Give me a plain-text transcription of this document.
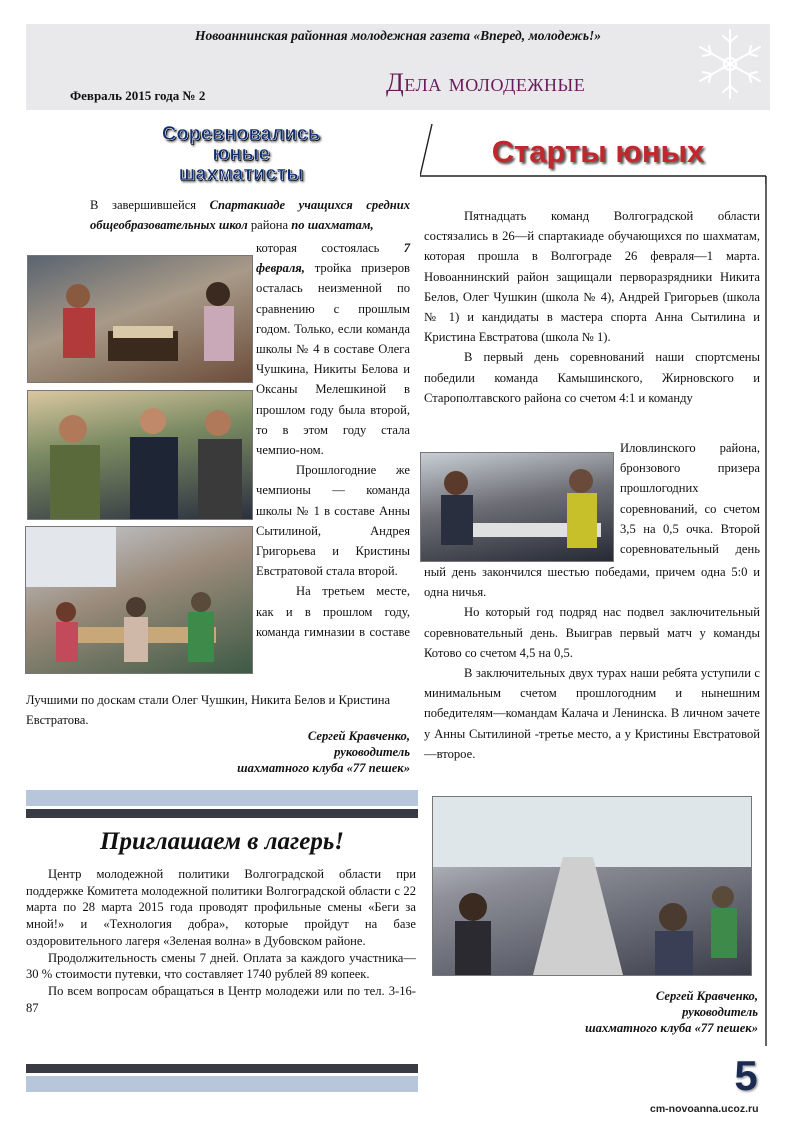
Новоаннинская районная молодежная газета «Вперед, молодежь!»
Февраль 2015 года № 2	Дела молодежные
Соревновались
юные
шахматисты
В завершившейся Спартакиаде учащихся средних общеобразовательных школ района по шахматам,
которая состоялась 7 февраля, тройка призеров осталась неизменной по сравнению с прошлым годом. Только, если команда школы № 4 в составе Олега Чушкина, Никиты Белова и Оксаны Мелешкиной в прошлом году была второй, то в этом году стала чемпио-ном.
Прошлогодние же чемпионы — команда школы № 1 в составе Анны Сытилиной, Андрея Григорьева и Кристины Евстратовой стала второй.
На третьем месте, как и в прошлом году, команда гимназии в составе
Лучшими по доскам стали Олег Чушкин, Никита Белов и Кристина Евстратова.
Сергей Кравченко,
руководитель
шахматного клуба «77 пешек»
Старты юных
Пятнадцать команд Волгоградской области состязались в 26—й спартакиаде обучающихся по шахматам, которая прошла в Волгограде 26 февраля—1 марта. Новоаннинский район защищали перворазрядники Никита Белов, Олег Чушкин (школа № 4), Андрей Григорьев (школа № 1) и кандидаты в мастера спорта Анна Сытилина и Кристина Евстратова (школа № 1).
В первый день соревнований наши спортсмены победили команда Камышинского, Жирновского и Старополтавского района со счетом 4:1 и команду
Иловлинского района, бронзового призера прошлогодних соревнований, со счетом 3,5 на 0,5 очка. Второй соревновательный день
ный день закончился шестью победами, причем одна 5:0 и одна ничья.
Но который год подряд нас подвел заключительный соревновательный день. Выиграв первый матч у команды Котово со счетом 4,5 на 0,5.
В заключительных двух турах наши ребята уступили с минимальным счетом прошлогодним и нынешним победителям—командам Калача и Ленинска. В личном зачете у Анны Сытилиной -третье место, а у Кристины Евстратовой—второе.
Сергей Кравченко,
руководитель
шахматного клуба «77 пешек»
Приглашаем в лагерь!
Центр молодежной политики Волгоградской области при поддержке Комитета молодежной политики Волгоградской области с 22 марта по 28 марта 2015 года проводят профильные смены «Беги за мной!» и «Технология добра», которые пройдут на базе оздоровительного лагеря «Зеленая волна» в Дубовском районе.
Продолжительность смены 7 дней. Оплата за каждого участника—30 % стоимости путевки, что составляет 1740 рублей 89 копеек.
По всем вопросам обращаться в Центр молодежи или по тел. 3-16-87
5
cm-novoanna.ucoz.ru
